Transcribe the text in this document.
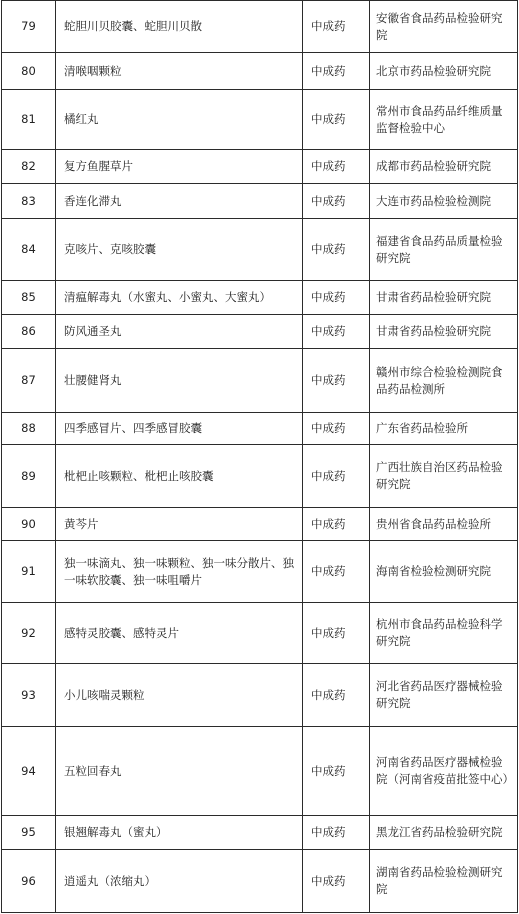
79	蛇胆川贝胶囊、蛇胆川贝散	中成药	安徽省食品药品检验研究院

80	清喉咽颗粒	中成药	北京市药品检验研究院

81	橘红丸	中成药	常州市食品药品纤维质量监督检验中心

82	复方鱼腥草片	中成药	成都市药品检验研究院

83	香连化滞丸	中成药	大连市药品检验检测院

84	克咳片、克咳胶囊	中成药	福建省食品药品质量检验研究院

85	清瘟解毒丸（水蜜丸、小蜜丸、大蜜丸）	中成药	甘肃省药品检验研究院

86	防风通圣丸	中成药	甘肃省药品检验研究院

87	壮腰健肾丸	中成药	赣州市综合检验检测院食品药品检测所

88	四季感冒片、四季感冒胶囊	中成药	广东省药品检验所

89	枇杷止咳颗粒、枇杷止咳胶囊	中成药	广西壮族自治区药品检验研究院

90	黄芩片	中成药	贵州省食品药品检验所

91	独一味滴丸、独一味颗粒、独一味分散片、独一味软胶囊、独一味咀嚼片	中成药	海南省检验检测研究院

92	感特灵胶囊、感特灵片	中成药	杭州市食品药品检验科学研究院

93	小儿咳喘灵颗粒	中成药	河北省药品医疗器械检验研究院

94	五粒回春丸	中成药	河南省药品医疗器械检验院（河南省疫苗批签中心）

95	银翘解毒丸（蜜丸）	中成药	黑龙江省药品检验研究院

96	逍遥丸（浓缩丸）	中成药	湖南省药品检验检测研究院
